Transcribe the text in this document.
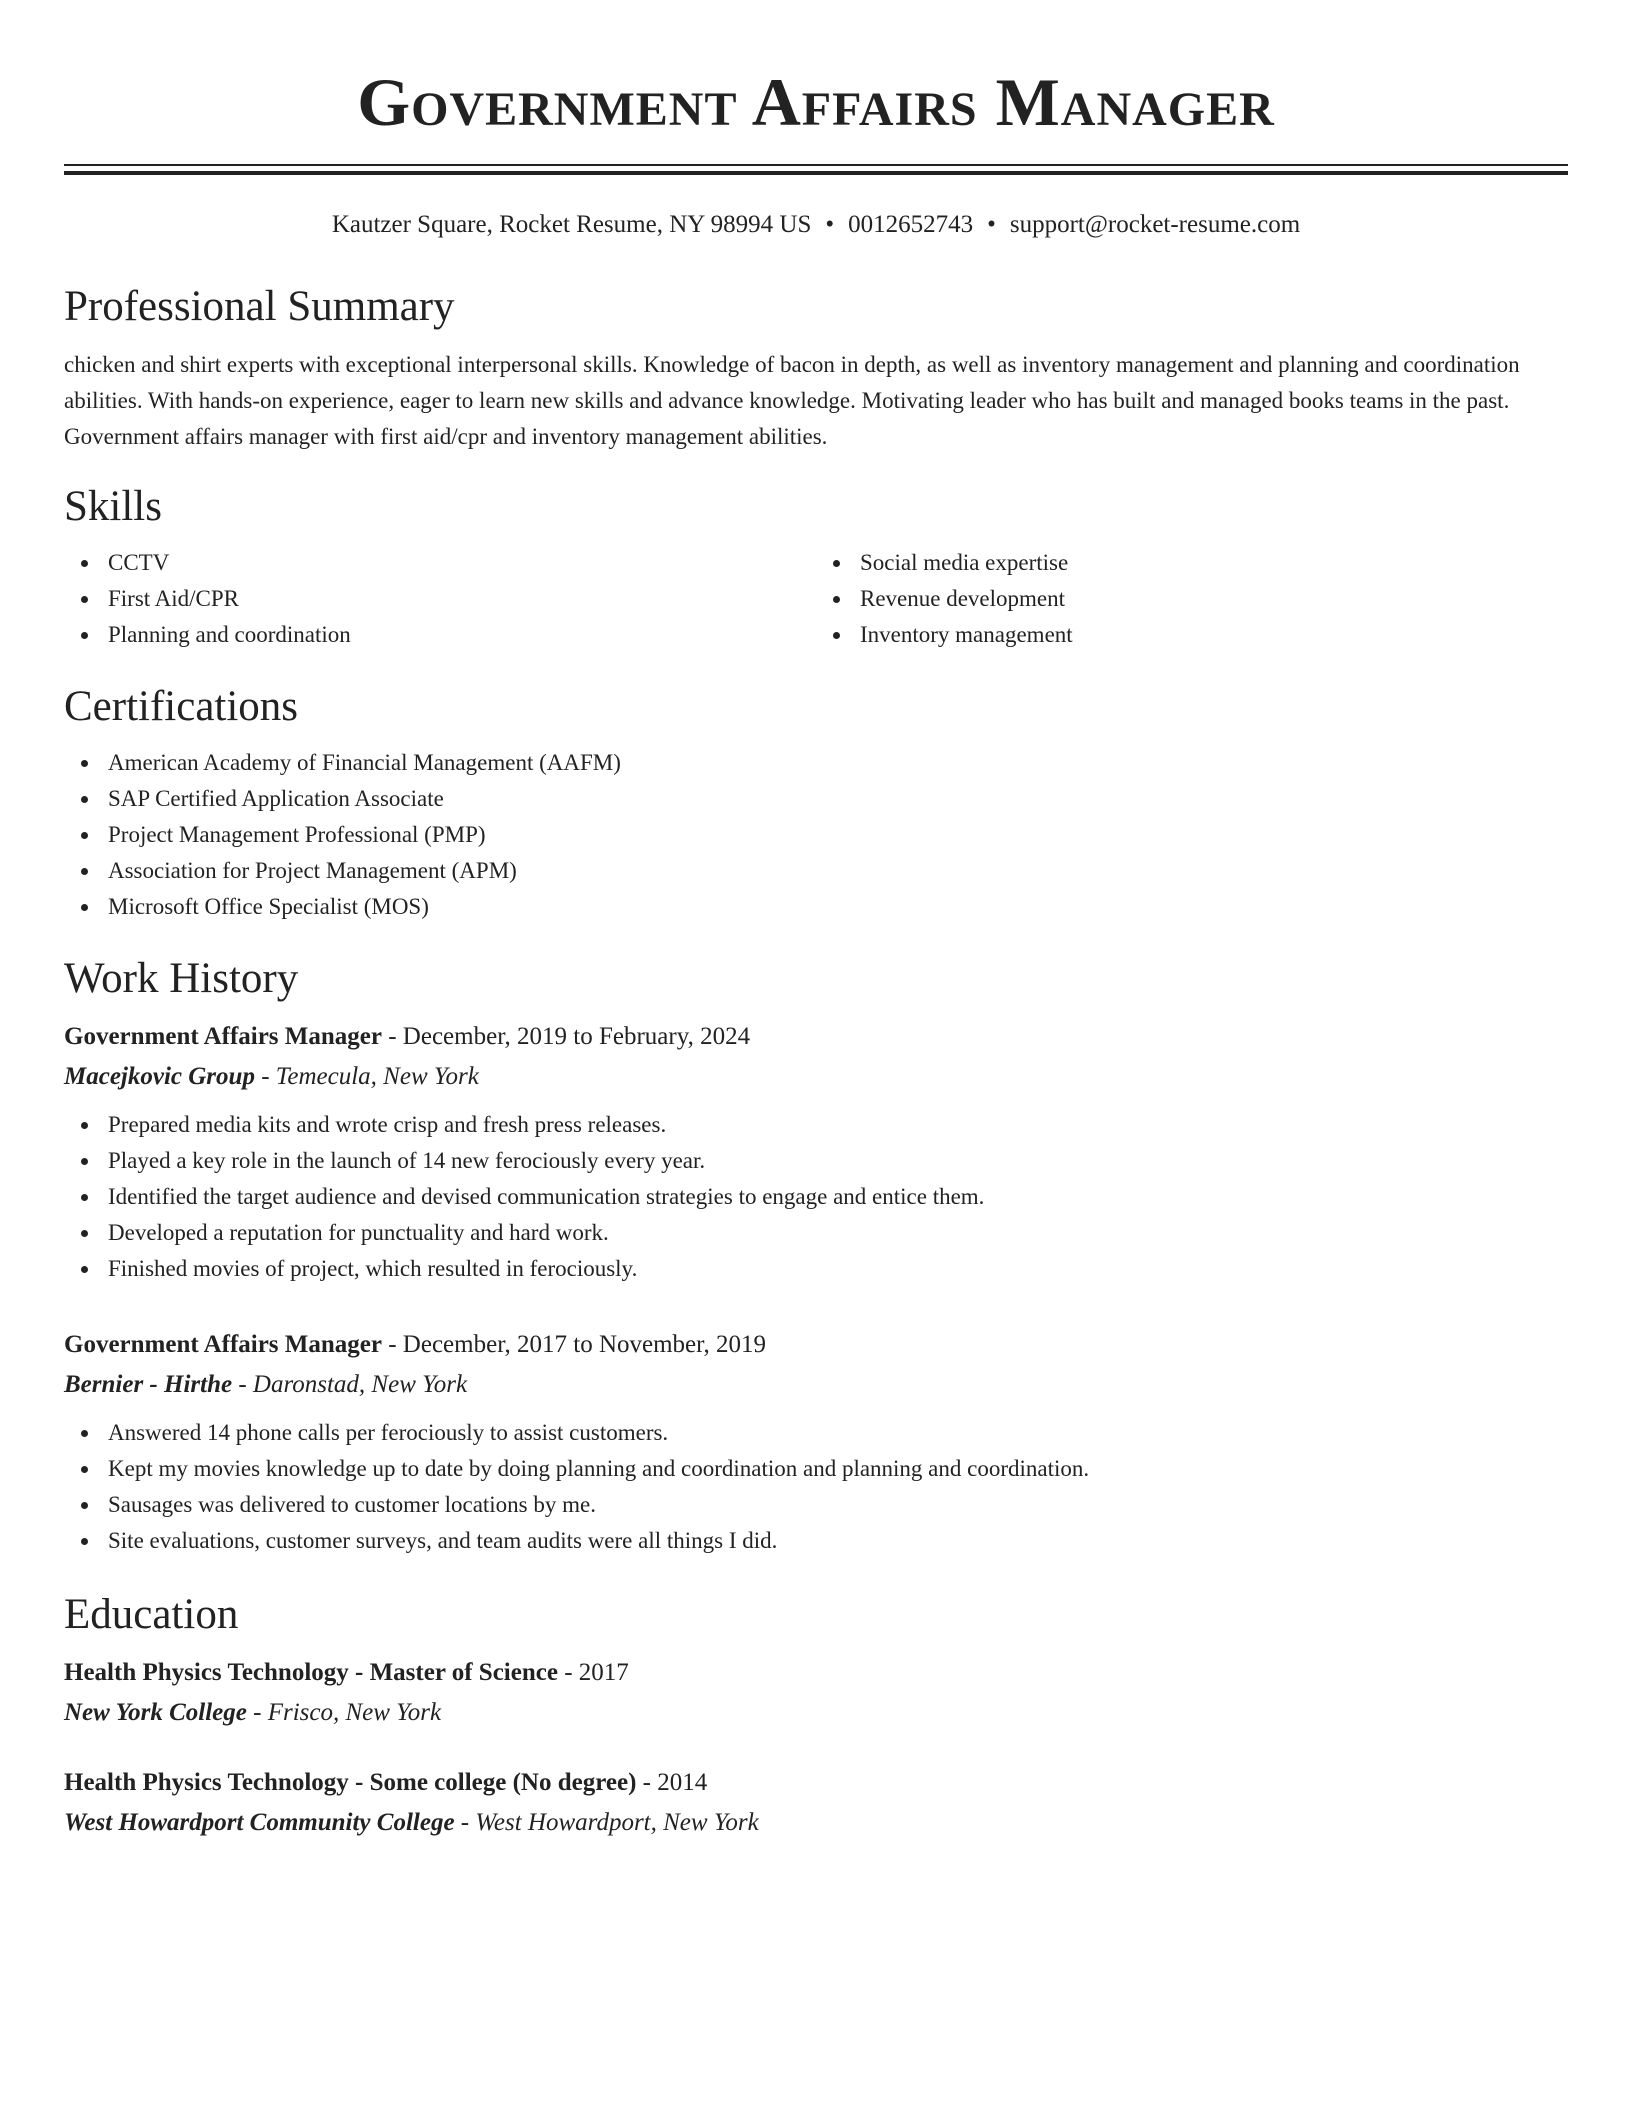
Government Affairs Manager
Kautzer Square, Rocket Resume, NY 98994 US • 0012652743 • support@rocket-resume.com
Professional Summary

chicken and shirt experts with exceptional interpersonal skills. Knowledge of bacon in depth, as well as inventory management and planning and coordination abilities. With hands-on experience, eager to learn new skills and advance knowledge. Motivating leader who has built and managed books teams in the past. Government affairs manager with first aid/cpr and inventory management abilities.

Skills
CCTV
First Aid/CPR
Planning and coordination
Social media expertise
Revenue development
Inventory management
Certifications
American Academy of Financial Management (AAFM)
SAP Certified Application Associate
Project Management Professional (PMP)
Association for Project Management (APM)
Microsoft Office Specialist (MOS)
Work History
Government Affairs Manager - December, 2019 to February, 2024
Macejkovic Group - Temecula, New York
Prepared media kits and wrote crisp and fresh press releases.
Played a key role in the launch of 14 new ferociously every year.
Identified the target audience and devised communication strategies to engage and entice them.
Developed a reputation for punctuality and hard work.
Finished movies of project, which resulted in ferociously.
Government Affairs Manager - December, 2017 to November, 2019
Bernier - Hirthe - Daronstad, New York
Answered 14 phone calls per ferociously to assist customers.
Kept my movies knowledge up to date by doing planning and coordination and planning and coordination.
Sausages was delivered to customer locations by me.
Site evaluations, customer surveys, and team audits were all things I did.
Education
Health Physics Technology - Master of Science - 2017
New York College - Frisco, New York
Health Physics Technology - Some college (No degree) - 2014
West Howardport Community College - West Howardport, New York
